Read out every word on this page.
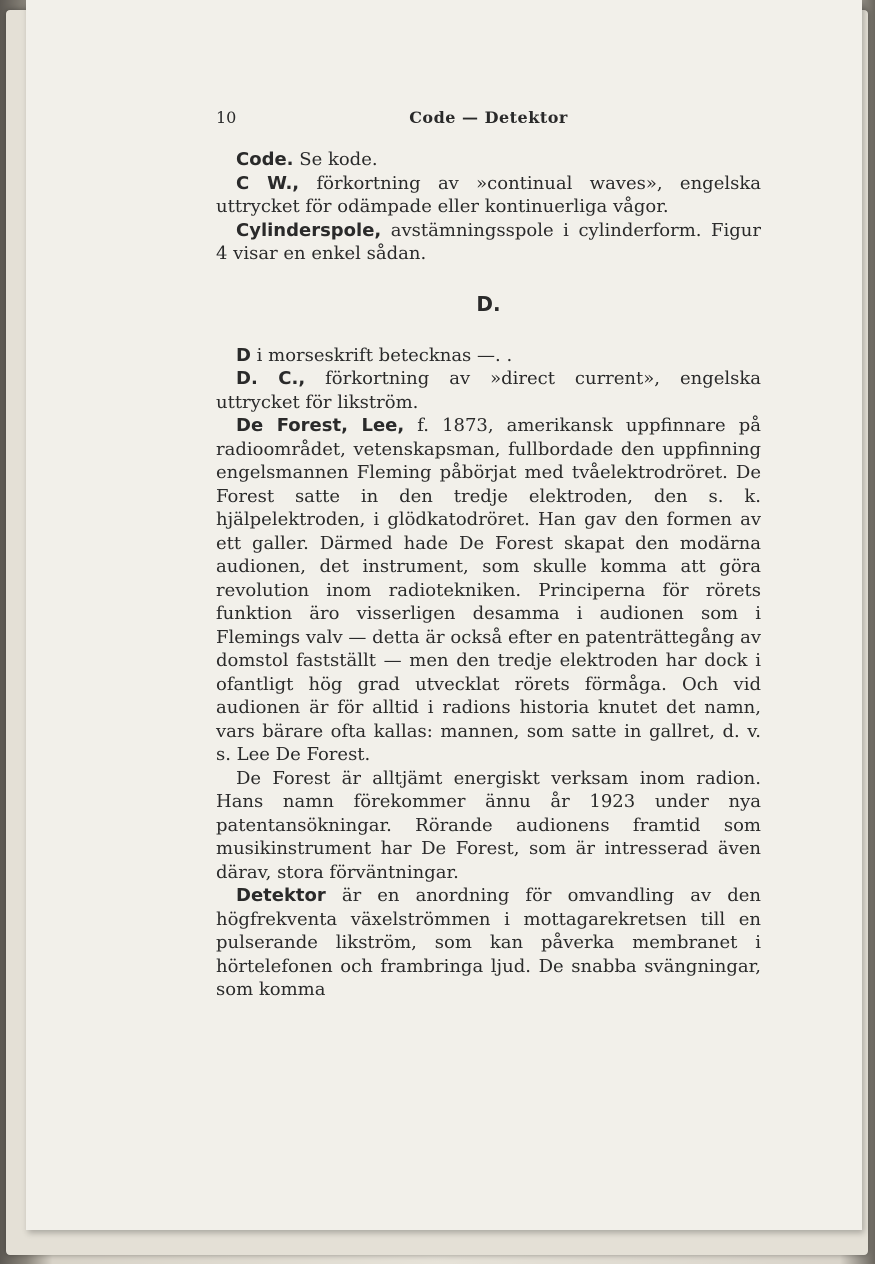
10	Code — Detektor

Code. Se kode.

C W., förkortning av »continual waves», engelska uttrycket för odämpade eller kontinuerliga vågor.

Cylinderspole, avstämningsspole i cylinderform. Figur 4 visar en enkel sådan.

D.

D i morseskrift betecknas —. .

D. C., förkortning av »direct current», engelska uttrycket för likström.

De Forest, Lee, f. 1873, amerikansk uppfinnare på radioområdet, vetenskapsman, fullbordade den uppfinning engelsmannen Fleming påbörjat med tvåelektrodröret. De Forest satte in den tredje elektroden, den s. k. hjälpelektroden, i glödkatodröret. Han gav den formen av ett galler. Därmed hade De Forest skapat den modärna audionen, det instrument, som skulle komma att göra revolution inom radiotekniken. Principerna för rörets funktion äro visserligen desamma i audionen som i Flemings valv — detta är också efter en patenträttegång av domstol fastställt — men den tredje elektroden har dock i ofantligt hög grad utvecklat rörets förmåga. Och vid audionen är för alltid i radions historia knutet det namn, vars bärare ofta kallas: mannen, som satte in gallret, d. v. s. Lee De Forest.

De Forest är alltjämt energiskt verksam inom radion. Hans namn förekommer ännu år 1923 under nya patentansökningar. Rörande audionens framtid som musikinstrument har De Forest, som är intresserad även därav, stora förväntningar.

Detektor är en anordning för omvandling av den högfrekventa växelströmmen i mottagarekretsen till en pulserande likström, som kan påverka membranet i hörtelefonen och frambringa ljud. De snabba svängningar, som komma
